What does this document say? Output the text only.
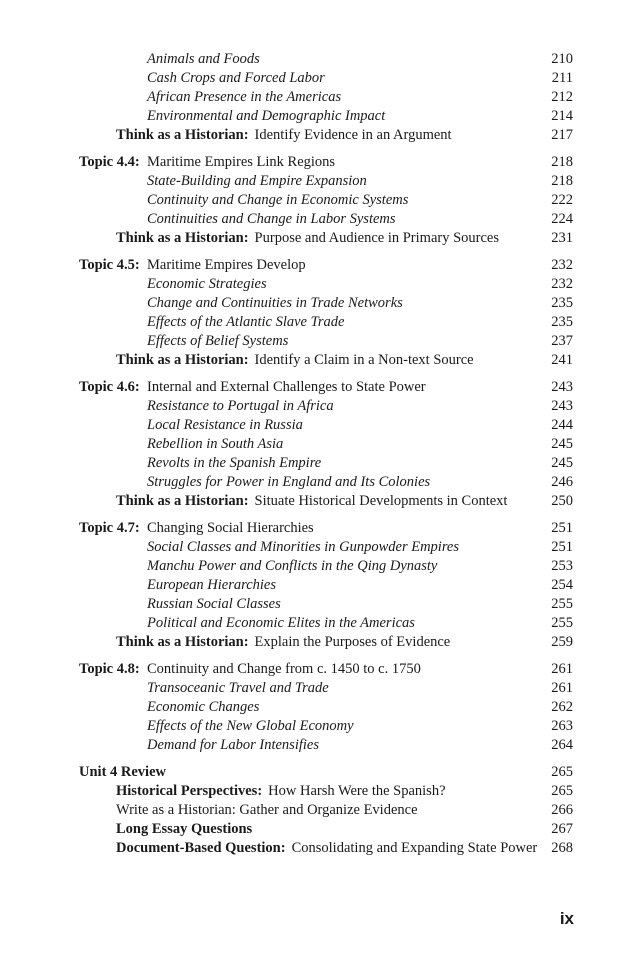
Animals and Foods	210
Cash Crops and Forced Labor	211
African Presence in the Americas	212
Environmental and Demographic Impact	214
Think as a Historian: Identify Evidence in an Argument	217
Topic 4.4: Maritime Empires Link Regions	218
State-Building and Empire Expansion	218
Continuity and Change in Economic Systems	222
Continuities and Change in Labor Systems	224
Think as a Historian: Purpose and Audience in Primary Sources	231
Topic 4.5: Maritime Empires Develop	232
Economic Strategies	232
Change and Continuities in Trade Networks	235
Effects of the Atlantic Slave Trade	235
Effects of Belief Systems	237
Think as a Historian: Identify a Claim in a Non-text Source	241
Topic 4.6: Internal and External Challenges to State Power	243
Resistance to Portugal in Africa	243
Local Resistance in Russia	244
Rebellion in South Asia	245
Revolts in the Spanish Empire	245
Struggles for Power in England and Its Colonies	246
Think as a Historian: Situate Historical Developments in Context	250
Topic 4.7: Changing Social Hierarchies	251
Social Classes and Minorities in Gunpowder Empires	251
Manchu Power and Conflicts in the Qing Dynasty	253
European Hierarchies	254
Russian Social Classes	255
Political and Economic Elites in the Americas	255
Think as a Historian: Explain the Purposes of Evidence	259
Topic 4.8: Continuity and Change from c. 1450 to c. 1750	261
Transoceanic Travel and Trade	261
Economic Changes	262
Effects of the New Global Economy	263
Demand for Labor Intensifies	264
Unit 4 Review	265
Historical Perspectives: How Harsh Were the Spanish?	265
Write as a Historian: Gather and Organize Evidence	266
Long Essay Questions	267
Document-Based Question: Consolidating and Expanding State Power 268
ix
